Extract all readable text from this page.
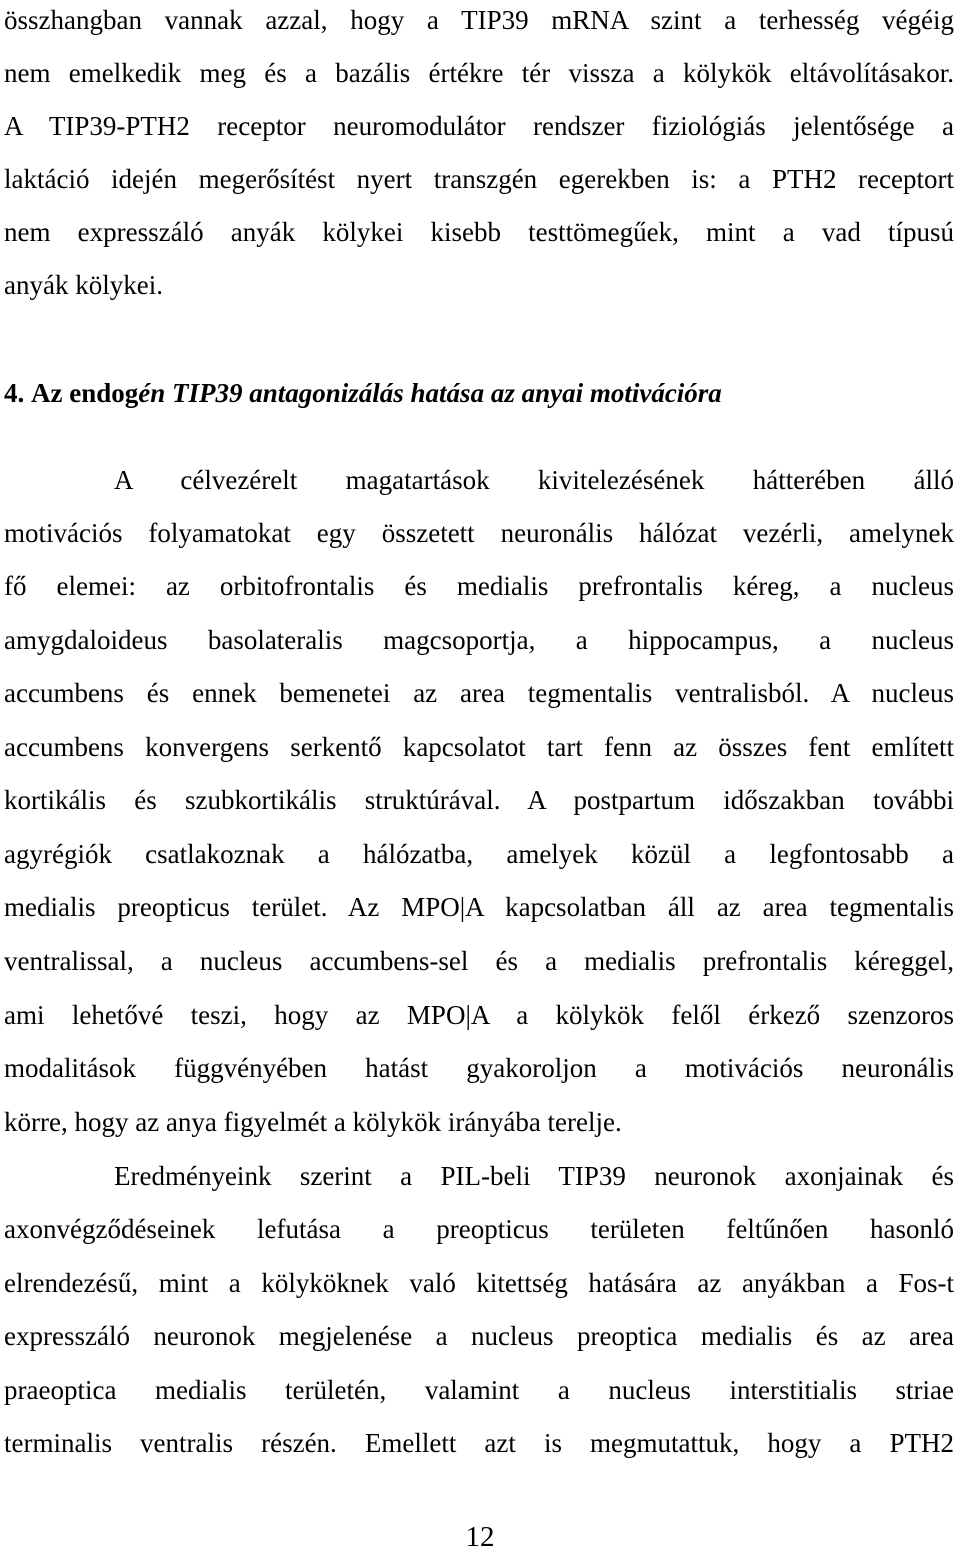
összhangban vannak azzal, hogy a TIP39 mRNA szint a terhesség végéig
nem emelkedik meg és a bazális értékre tér vissza a kölykök eltávolításakor.
A TIP39-PTH2 receptor neuromodulátor rendszer fiziológiás jelentősége a
laktáció idején megerősítést nyert transzgén egerekben is: a PTH2 receptort
nem expresszáló anyák kölykei kisebb testtömegűek, mint a vad típusú
anyák kölykei.
4. Az endogén TIP39 antagonizálás hatása az anyai motivációra
A célvezérelt magatartások kivitelezésének hátterében álló
motivációs folyamatokat egy összetett neuronális hálózat vezérli, amelynek
fő elemei: az orbitofrontalis és medialis prefrontalis kéreg, a nucleus
amygdaloideus basolateralis magcsoportja, a hippocampus, a nucleus
accumbens és ennek bemenetei az area tegmentalis ventralisból. A nucleus
accumbens konvergens serkentő kapcsolatot tart fenn az összes fent említett
kortikális és szubkortikális struktúrával. A postpartum időszakban további
agyrégiók csatlakoznak a hálózatba, amelyek közül a legfontosabb a
medialis preopticus terület. Az MPO|A kapcsolatban áll az area tegmentalis
ventralissal, a nucleus accumbens-sel és a medialis prefrontalis kéreggel,
ami lehetővé teszi, hogy az MPO|A a kölykök felől érkező szenzoros
modalitások függvényében hatást gyakoroljon a motivációs neuronális
körre, hogy az anya figyelmét a kölykök irányába terelje.
Eredményeink szerint a PIL-beli TIP39 neuronok axonjainak és
axonvégződéseinek lefutása a preopticus területen feltűnően hasonló
elrendezésű, mint a kölyköknek való kitettség hatására az anyákban a Fos-t
expresszáló neuronok megjelenése a nucleus preoptica medialis és az area
praeoptica medialis területén, valamint a nucleus interstitialis striae
terminalis ventralis részén. Emellett azt is megmutattuk, hogy a PTH2
12
